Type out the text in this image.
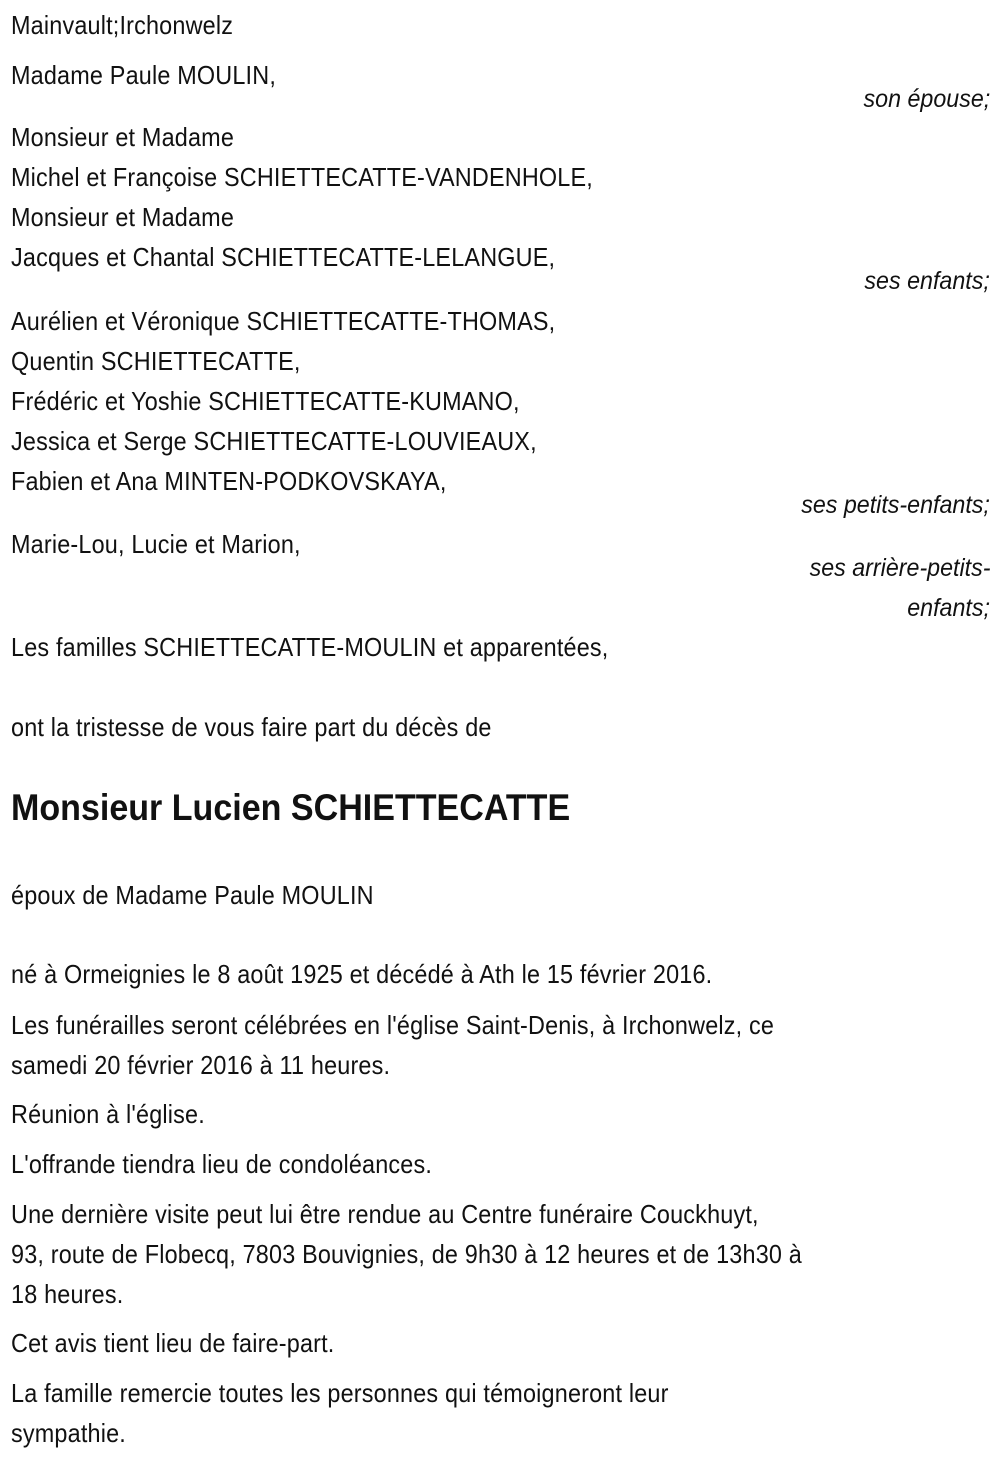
Mainvault;Irchonwelz
Madame Paule MOULIN,
son épouse;
Monsieur et Madame
Michel et Françoise SCHIETTECATTE-VANDENHOLE,
Monsieur et Madame
Jacques et Chantal SCHIETTECATTE-LELANGUE,
ses enfants;
Aurélien et Véronique SCHIETTECATTE-THOMAS,
Quentin SCHIETTECATTE,
Frédéric et Yoshie SCHIETTECATTE-KUMANO,
Jessica et Serge SCHIETTECATTE-LOUVIEAUX,
Fabien et Ana MINTEN-PODKOVSKAYA,
ses petits-enfants;
Marie-Lou, Lucie et Marion,
ses arrière-petits-
enfants;
Les familles SCHIETTECATTE-MOULIN et apparentées,
ont la tristesse de vous faire part du décès de
Monsieur Lucien SCHIETTECATTE
époux de Madame Paule MOULIN
né à Ormeignies le 8 août 1925 et décédé à Ath le 15 février 2016.
Les funérailles seront célébrées en l'église Saint-Denis, à Irchonwelz, ce
samedi 20 février 2016 à 11 heures.
Réunion à l'église.
L'offrande tiendra lieu de condoléances.
Une dernière visite peut lui être rendue au Centre funéraire Couckhuyt,
93, route de Flobecq, 7803 Bouvignies, de 9h30 à 12 heures et de 13h30 à
18 heures.
Cet avis tient lieu de faire-part.
La famille remercie toutes les personnes qui témoigneront leur
sympathie.
